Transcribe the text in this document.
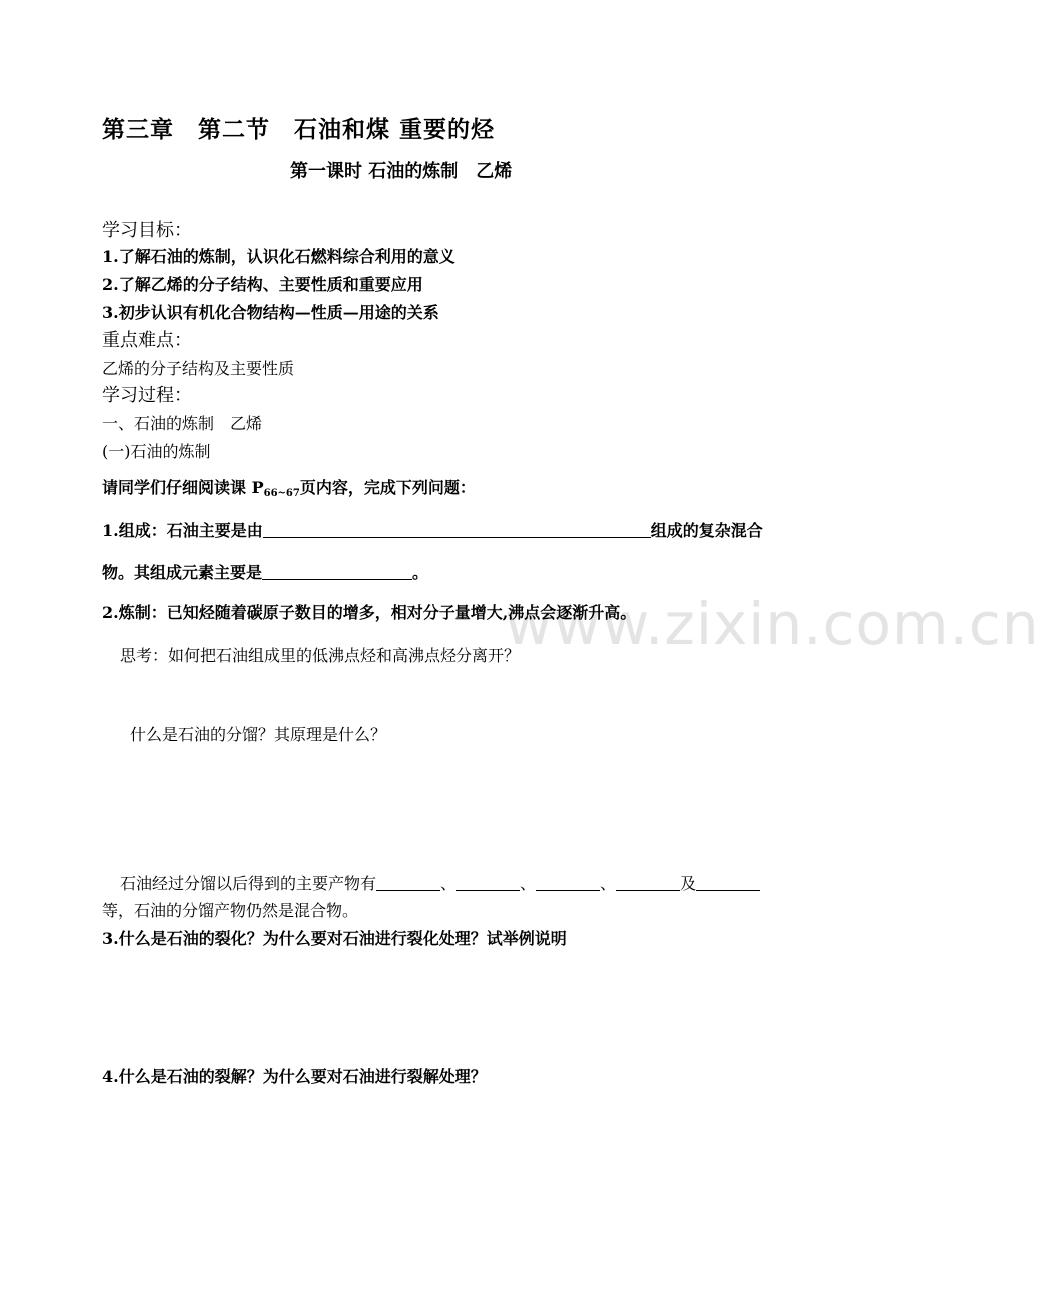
www.zixin.com.cn
第三章　第二节　石油和煤 重要的烃
第一课时 石油的炼制　乙烯
学习目标：
1.了解石油的炼制，认识化石燃料综合利用的意义
2.了解乙烯的分子结构、主要性质和重要应用
3.初步认识有机化合物结构—性质—用途的关系
重点难点：
乙烯的分子结构及主要性质
学习过程：
一、石油的炼制　乙烯
(一)石油的炼制
请同学们仔细阅读课 $P_{66\sim 67}$页内容，完成下列问题：
1.组成：石油主要是由	组成的复杂混合
物。其组成元素主要是	。
2.炼制：已知烃随着碳原子数目的增多，相对分子量增大,沸点会逐渐升高。
思考：如何把石油组成里的低沸点烃和高沸点烃分离开？
什么是石油的分馏？其原理是什么？
石油经过分馏以后得到的主要产物有	、	、	、	及
等，石油的分馏产物仍然是混合物。
3.什么是石油的裂化？为什么要对石油进行裂化处理？试举例说明
4.什么是石油的裂解？为什么要对石油进行裂解处理？
